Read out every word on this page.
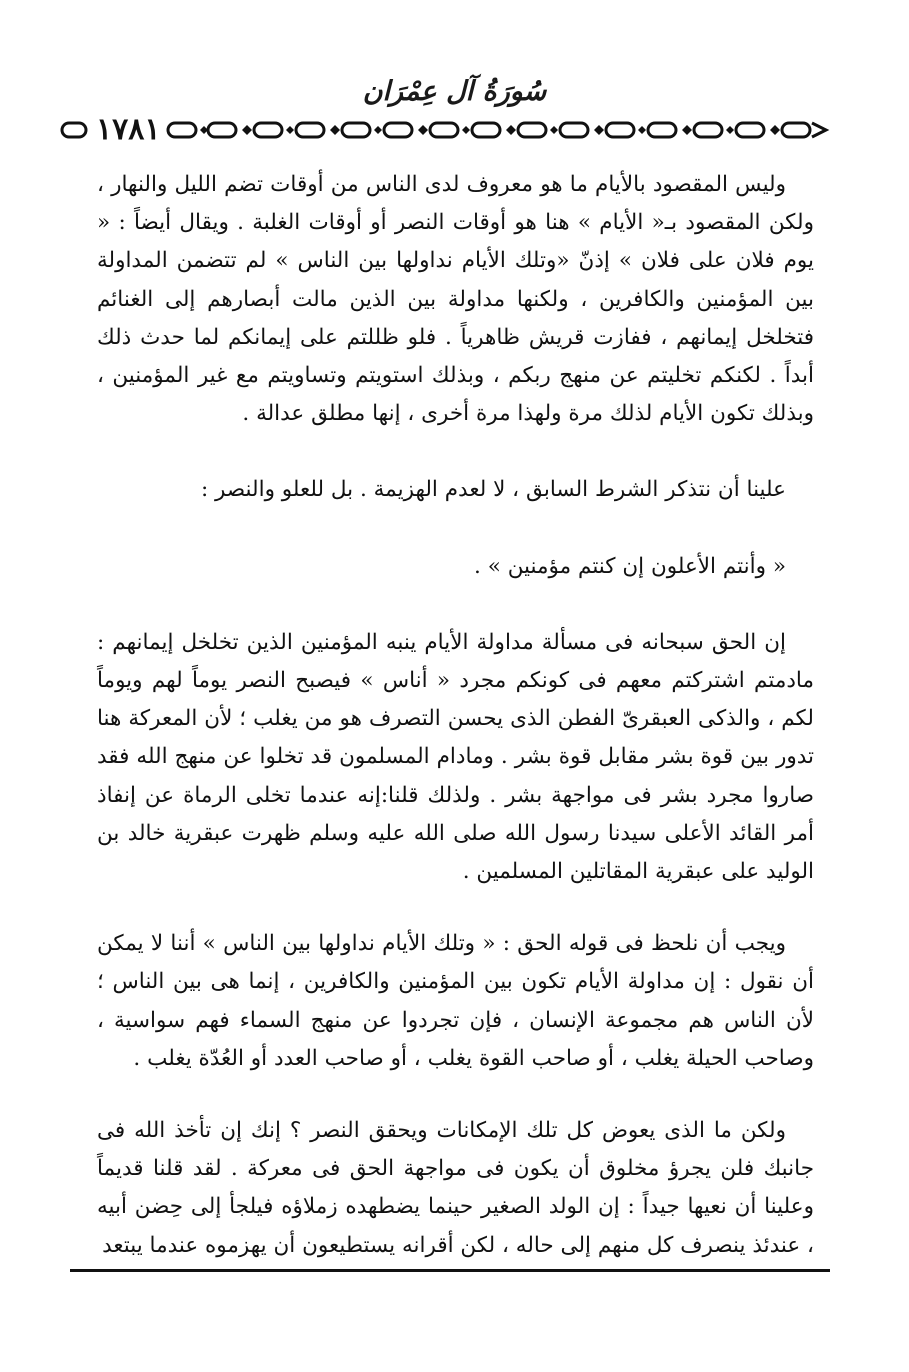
سُورَةُ آل عِمْرَان
١٧٨١

وليس المقصود بالأيام ما هو معروف لدى الناس من أوقات تضم الليل والنهار ، ولكن المقصود بـ« الأيام » هنا هو أوقات النصر أو أوقات الغلبة . ويقال أيضاً : « يوم فلان على فلان » إذنّ «وتلك الأيام نداولها بين الناس » لم تتضمن المداولة بين المؤمنين والكافرين ، ولكنها مداولة بين الذين مالت أبصارهم إلى الغنائم فتخلخل إيمانهم ، ففازت قريش ظاهرياً . فلو ظللتم على إيمانكم لما حدث ذلك أبداً . لكنكم تخليتم عن منهج ربكم ، وبذلك استويتم وتساويتم مع غير المؤمنين ، وبذلك تكون الأيام لذلك مرة ولهذا مرة أخرى ، إنها مطلق عدالة .

علينا أن نتذكر الشرط السابق ، لا لعدم الهزيمة . بل للعلو والنصر :

« وأنتم الأعلون إن كنتم مؤمنين » .

إن الحق سبحانه فى مسألة مداولة الأيام ينبه المؤمنين الذين تخلخل إيمانهم : مادمتم اشتركتم معهم فى كونكم مجرد « أناس » فيصبح النصر يوماً لهم ويوماً لكم ، والذكى العبقرىّ الفطن الذى يحسن التصرف هو من يغلب ؛ لأن المعركة هنا تدور بين قوة بشر مقابل قوة بشر . ومادام المسلمون قد تخلوا عن منهج الله فقد صاروا مجرد بشر فى مواجهة بشر . ولذلك قلنا:إنه عندما تخلى الرماة عن إنفاذ أمر القائد الأعلى سيدنا رسول الله صلى الله عليه وسلم ظهرت عبقرية خالد بن الوليد على عبقرية المقاتلين المسلمين .

ويجب أن نلحظ فى قوله الحق : « وتلك الأيام نداولها بين الناس » أننا لا يمكن أن نقول : إن مداولة الأيام تكون بين المؤمنين والكافرين ، إنما هى بين الناس ؛ لأن الناس هم مجموعة الإنسان ، فإن تجردوا عن منهج السماء فهم سواسية ، وصاحب الحيلة يغلب ، أو صاحب القوة يغلب ، أو صاحب العدد أو العُدّة يغلب .

ولكن ما الذى يعوض كل تلك الإمكانات ويحقق النصر ؟ إنك إن تأخذ الله فى جانبك فلن يجرؤ مخلوق أن يكون فى مواجهة الحق فى معركة . لقد قلنا قديماً وعلينا أن نعيها جيداً : إن الولد الصغير حينما يضطهده زملاؤه فيلجأ إلى حِضن أبيه ، عندئذ ينصرف كل منهم إلى حاله ، لكن أقرانه يستطيعون أن يهزموه عندما يبتعد
